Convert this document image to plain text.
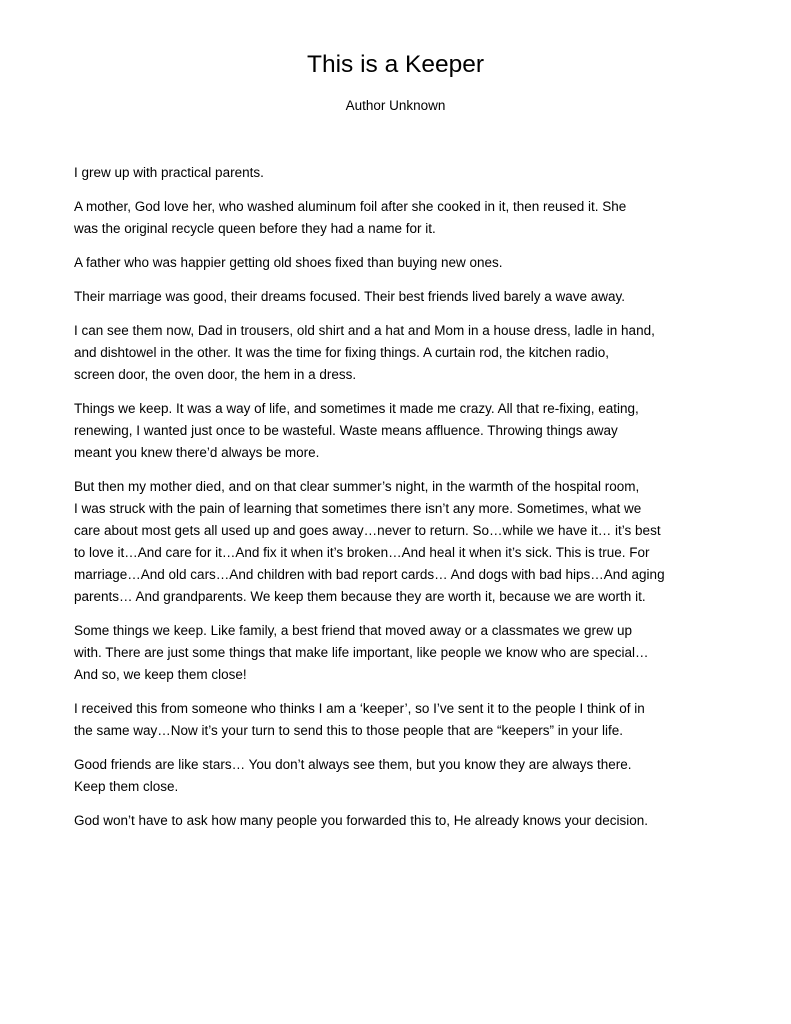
This is a Keeper

Author Unknown

I grew up with practical parents.

A mother, God love her, who washed aluminum foil after she cooked in it, then reused it. She
was the original recycle queen before they had a name for it.

A father who was happier getting old shoes fixed than buying new ones.

Their marriage was good, their dreams focused. Their best friends lived barely a wave away.

I can see them now, Dad in trousers, old shirt and a hat and Mom in a house dress, ladle in hand,
and dishtowel in the other. It was the time for fixing things. A curtain rod, the kitchen radio,
screen door, the oven door, the hem in a dress.

Things we keep. It was a way of life, and sometimes it made me crazy. All that re-fixing, eating,
renewing, I wanted just once to be wasteful. Waste means affluence. Throwing things away
meant you knew there’d always be more.

But then my mother died, and on that clear summer’s night, in the warmth of the hospital room,
I was struck with the pain of learning that sometimes there isn’t any more. Sometimes, what we
care about most gets all used up and goes away…never to return. So…while we have it… it’s best
to love it…And care for it…And fix it when it’s broken…And heal it when it’s sick. This is true. For
marriage…And old cars…And children with bad report cards… And dogs with bad hips…And aging
parents… And grandparents. We keep them because they are worth it, because we are worth it.

Some things we keep. Like family, a best friend that moved away or a classmates we grew up
with. There are just some things that make life important, like people we know who are special…
And so, we keep them close!

I received this from someone who thinks I am a ‘keeper’, so I’ve sent it to the people I think of in
the same way…Now it’s your turn to send this to those people that are “keepers” in your life.

Good friends are like stars… You don’t always see them, but you know they are always there.
Keep them close.

God won’t have to ask how many people you forwarded this to, He already knows your decision.
